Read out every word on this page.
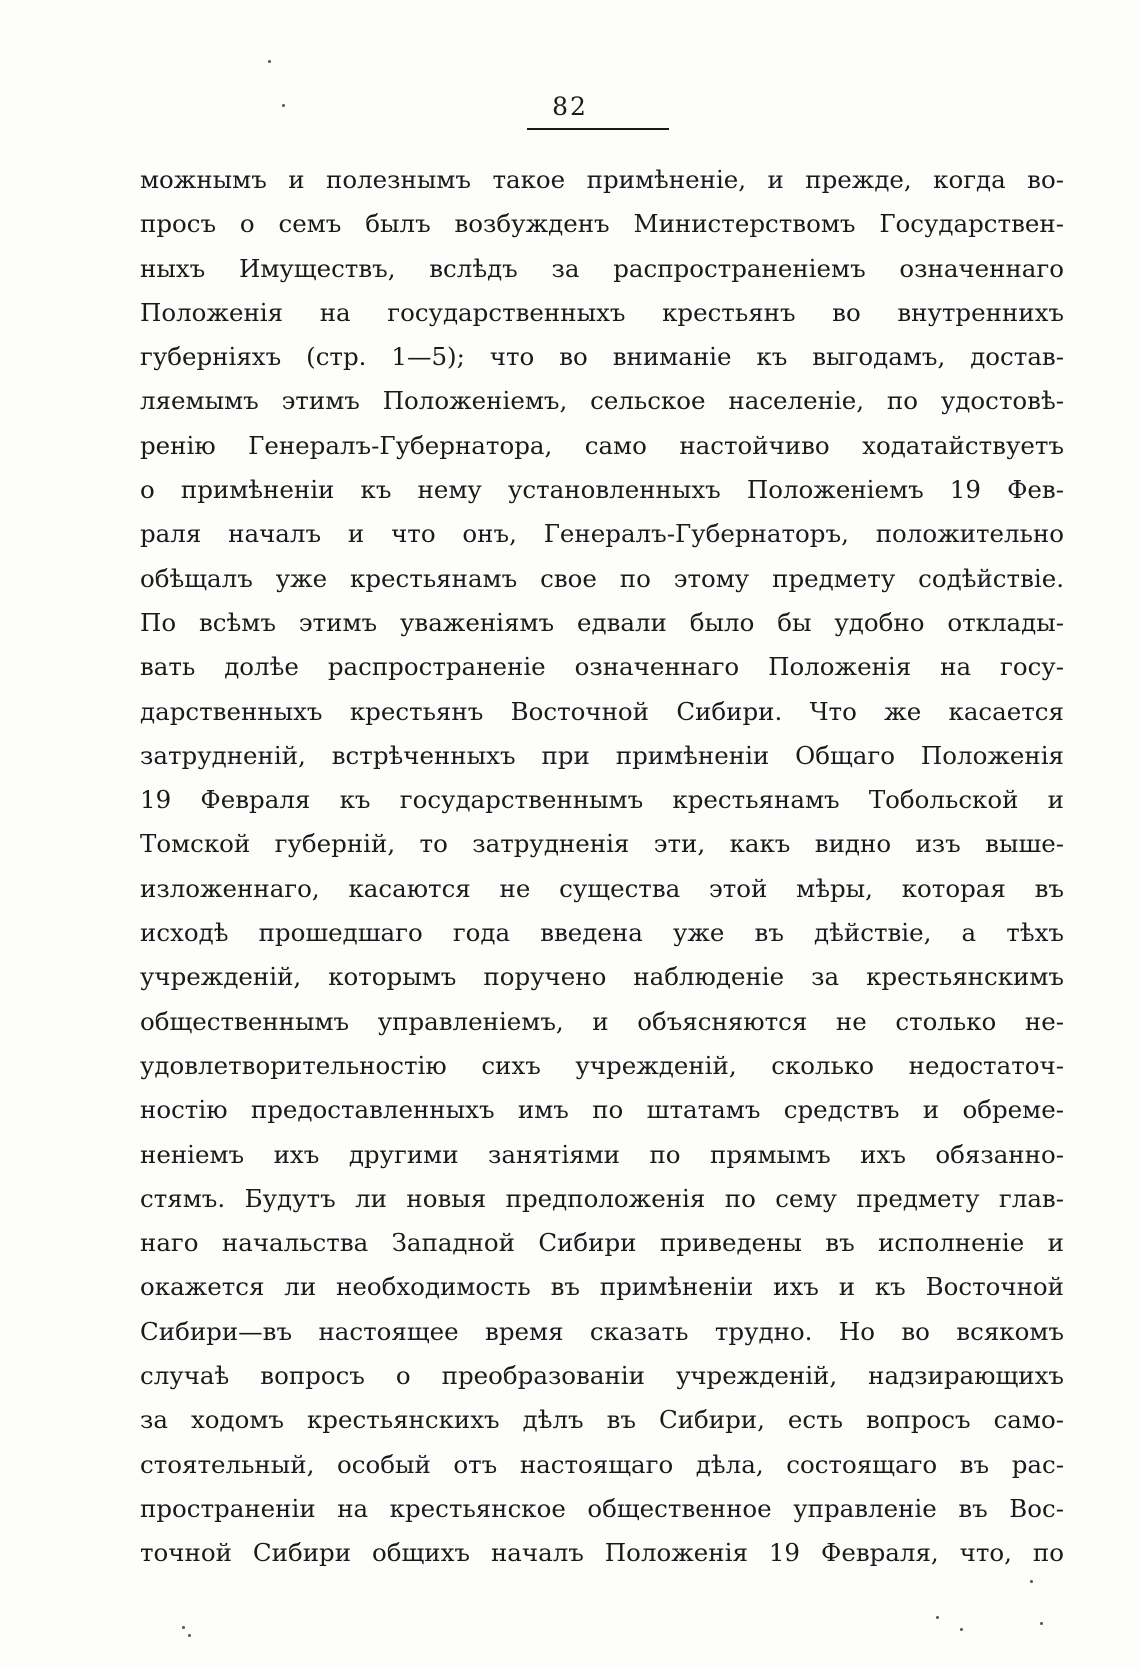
82
можнымъ и полезнымъ такое примѣненіе, и прежде, когда во-
просъ о семъ былъ возбужденъ Министерствомъ Государствен-
ныхъ Имуществъ, вслѣдъ за распространеніемъ означеннаго
Положенія на государственныхъ крестьянъ во внутреннихъ
губерніяхъ (стр. 1—5); что во вниманіе къ выгодамъ, достав-
ляемымъ этимъ Положеніемъ, сельское населеніе, по удостовѣ-
ренію Генералъ-Губернатора, само настойчиво ходатайствуетъ
о примѣненіи къ нему установленныхъ Положеніемъ 19 Фев-
раля началъ и что онъ, Генералъ-Губернаторъ, положительно
обѣщалъ уже крестьянамъ свое по этому предмету содѣйствіе.
По всѣмъ этимъ уваженіямъ едвали было бы удобно отклады-
вать долѣе распространеніе означеннаго Положенія на госу-
дарственныхъ крестьянъ Восточной Сибири. Что же касается
затрудненій, встрѣченныхъ при примѣненіи Общаго Положенія
19 Февраля къ государственнымъ крестьянамъ Тобольской и
Томской губерній, то затрудненія эти, какъ видно изъ выше-
изложеннаго, касаются не существа этой мѣры, которая въ
исходѣ прошедшаго года введена уже въ дѣйствіе, а тѣхъ
учрежденій, которымъ поручено наблюденіе за крестьянскимъ
общественнымъ управленіемъ, и объясняются не столько не-
удовлетворительностію сихъ учрежденій, сколько недостаточ-
ностію предоставленныхъ имъ по штатамъ средствъ и обреме-
неніемъ ихъ другими занятіями по прямымъ ихъ обязанно-
стямъ. Будутъ ли новыя предположенія по сему предмету глав-
наго начальства Западной Сибири приведены въ исполненіе и
окажется ли необходимость въ примѣненіи ихъ и къ Восточной
Сибири—въ настоящее время сказать трудно. Но во всякомъ
случаѣ вопросъ о преобразованіи учрежденій, надзирающихъ
за ходомъ крестьянскихъ дѣлъ въ Сибири, есть вопросъ само-
стоятельный, особый отъ настоящаго дѣла, состоящаго въ рас-
пространеніи на крестьянское общественное управленіе въ Вос-
точной Сибири общихъ началъ Положенія 19 Февраля, что, по
